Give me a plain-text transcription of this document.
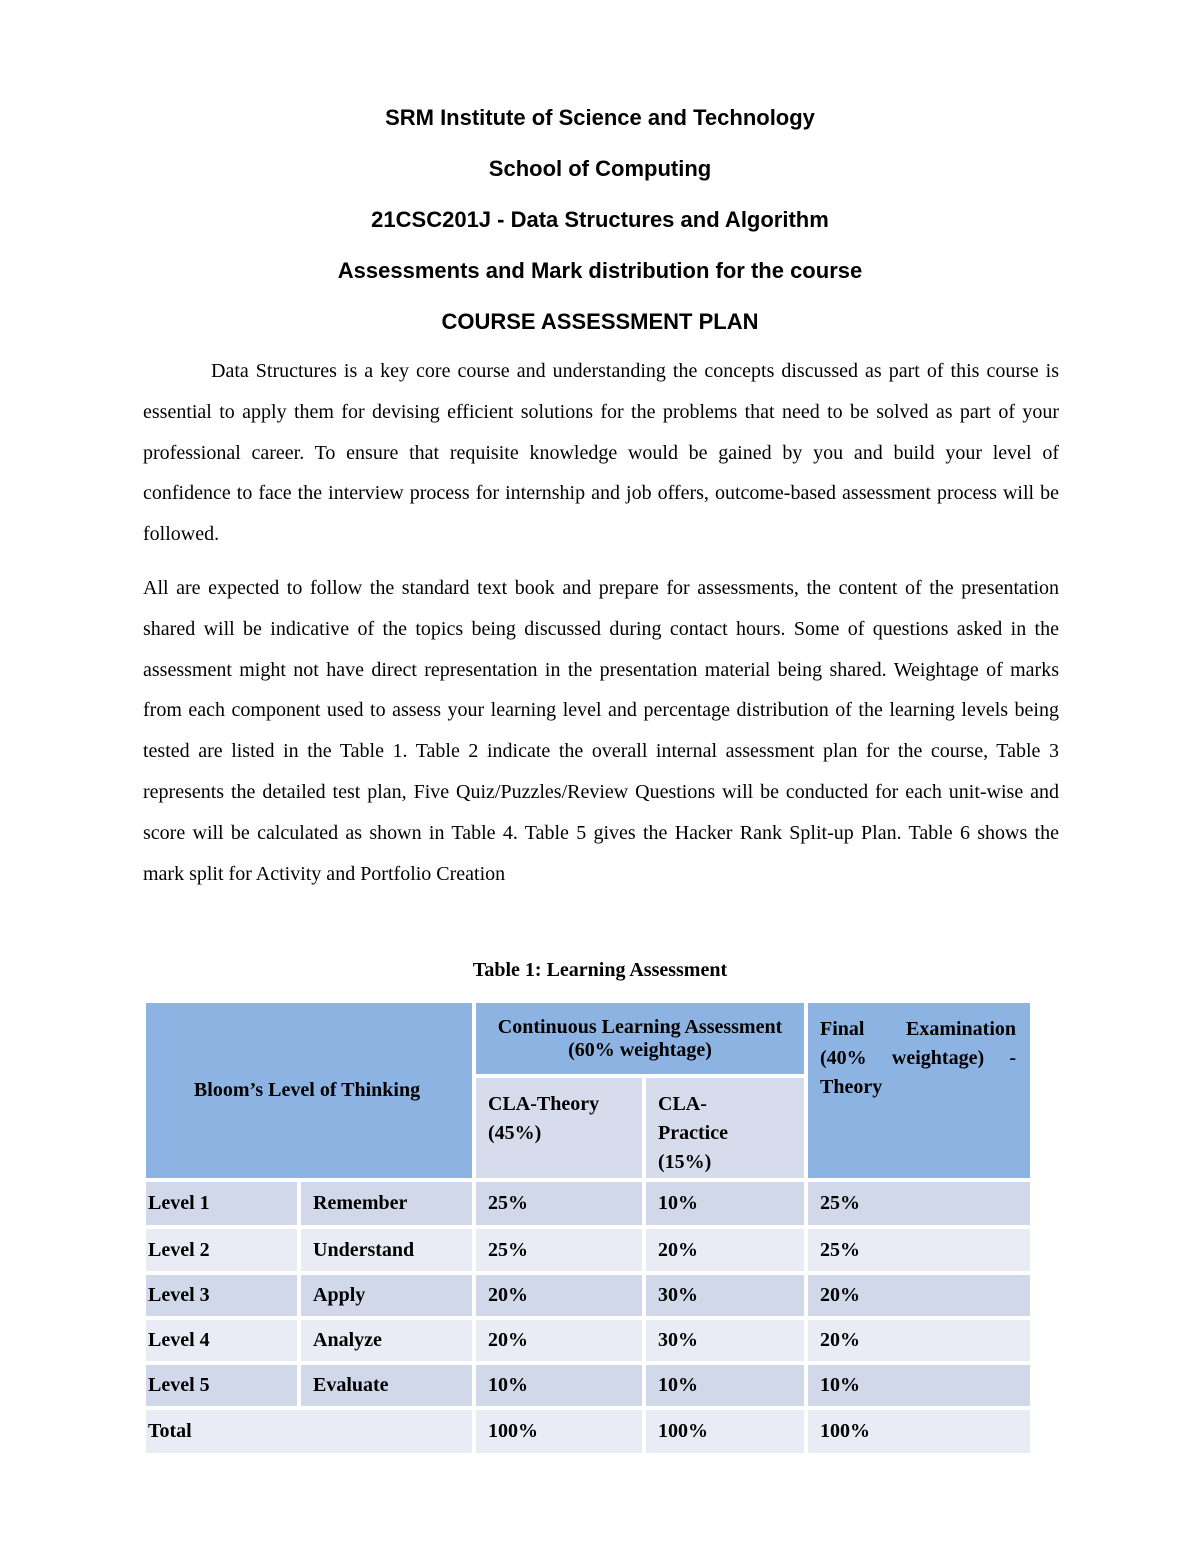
SRM Institute of Science and Technology
School of Computing
21CSC201J - Data Structures and Algorithm
Assessments and Mark distribution for the course
COURSE ASSESSMENT PLAN

Data Structures is a key core course and understanding the concepts discussed as part of this course is essential to apply them for devising efficient solutions for the problems that need to be solved as part of your professional career. To ensure that requisite knowledge would be gained by you and build your level of confidence to face the interview process for internship and job offers, outcome-based assessment process will be followed.

All are expected to follow the standard text book and prepare for assessments, the content of the presentation shared will be indicative of the topics being discussed during contact hours. Some of questions asked in the assessment might not have direct representation in the presentation material being shared. Weightage of marks from each component used to assess your learning level and percentage distribution of the learning levels being tested are listed in the Table 1. Table 2 indicate the overall internal assessment plan for the course, Table 3 represents the detailed test plan, Five Quiz/Puzzles/Review Questions will be conducted for each unit-wise and score will be calculated as shown in Table 4. Table 5 gives the Hacker Rank Split-up Plan. Table 6 shows the mark split for Activity and Portfolio Creation

Table 1: Learning Assessment
Bloom’s Level of Thinking		Continuous Learning Assessment (60% weightage)		Final Examination (40% weightage) - Theory

		CLA-Theory (45%)	CLA-Practice (15%)	
Level 1	Remember	25%	10%	25%
Level 2	Understand	25%	20%	25%
Level 3	Apply	20%	30%	20%
Level 4	Analyze	20%	30%	20%
Level 5	Evaluate	10%	10%	10%
Total		100%	100%	100%
